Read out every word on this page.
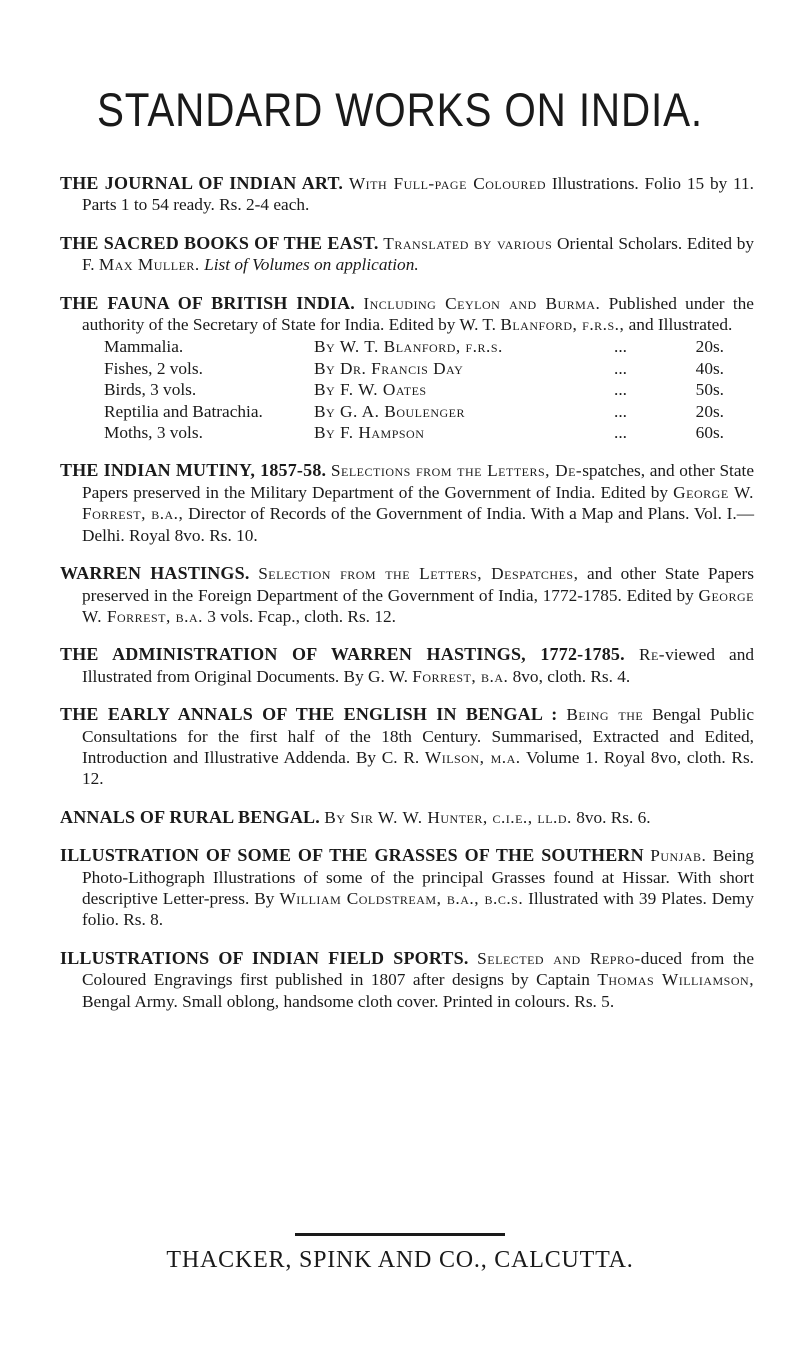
STANDARD WORKS ON INDIA.
THE JOURNAL OF INDIAN ART. With Full-page Coloured Illustrations. Folio 15 by 11. Parts 1 to 54 ready. Rs. 2-4 each.
THE SACRED BOOKS OF THE EAST. Translated by various Oriental Scholars. Edited by F. Max Muller. List of Volumes on application.
THE FAUNA OF BRITISH INDIA. Including Ceylon and Burma. Published under the authority of the Secretary of State for India. Edited by W. T. Blanford, f.r.s., and Illustrated.
Mammalia.	By W. T. Blanford, f.r.s.	...	20s.
Fishes, 2 vols.	By Dr. Francis Day	...	40s.
Birds, 3 vols.	By F. W. Oates	...	50s.
Reptilia and Batrachia.	By G. A. Boulenger	...	20s.
Moths, 3 vols.	By F. Hampson	...	60s.
THE INDIAN MUTINY, 1857-58. Selections from the Letters, De-spatches, and other State Papers preserved in the Military Department of the Government of India. Edited by George W. Forrest, b.a., Director of Records of the Government of India. With a Map and Plans. Vol. I.—Delhi. Royal 8vo. Rs. 10.
WARREN HASTINGS. Selection from the Letters, Despatches, and other State Papers preserved in the Foreign Department of the Government of India, 1772-1785. Edited by George W. Forrest, b.a. 3 vols. Fcap., cloth. Rs. 12.
THE ADMINISTRATION OF WARREN HASTINGS, 1772-1785. Re-viewed and Illustrated from Original Documents. By G. W. Forrest, b.a. 8vo, cloth. Rs. 4.
THE EARLY ANNALS OF THE ENGLISH IN BENGAL : Being the Bengal Public Consultations for the first half of the 18th Century. Summarised, Extracted and Edited, Introduction and Illustrative Addenda. By C. R. Wilson, m.a. Volume 1. Royal 8vo, cloth. Rs. 12.
ANNALS OF RURAL BENGAL. By Sir W. W. Hunter, c.i.e., ll.d. 8vo. Rs. 6.
ILLUSTRATION OF SOME OF THE GRASSES OF THE SOUTHERN Punjab. Being Photo-Lithograph Illustrations of some of the principal Grasses found at Hissar. With short descriptive Letter-press. By William Coldstream, b.a., b.c.s. Illustrated with 39 Plates. Demy folio. Rs. 8.
ILLUSTRATIONS OF INDIAN FIELD SPORTS. Selected and Repro-duced from the Coloured Engravings first published in 1807 after designs by Captain Thomas Williamson, Bengal Army. Small oblong, handsome cloth cover. Printed in colours. Rs. 5.
THACKER, SPINK AND CO., CALCUTTA.
